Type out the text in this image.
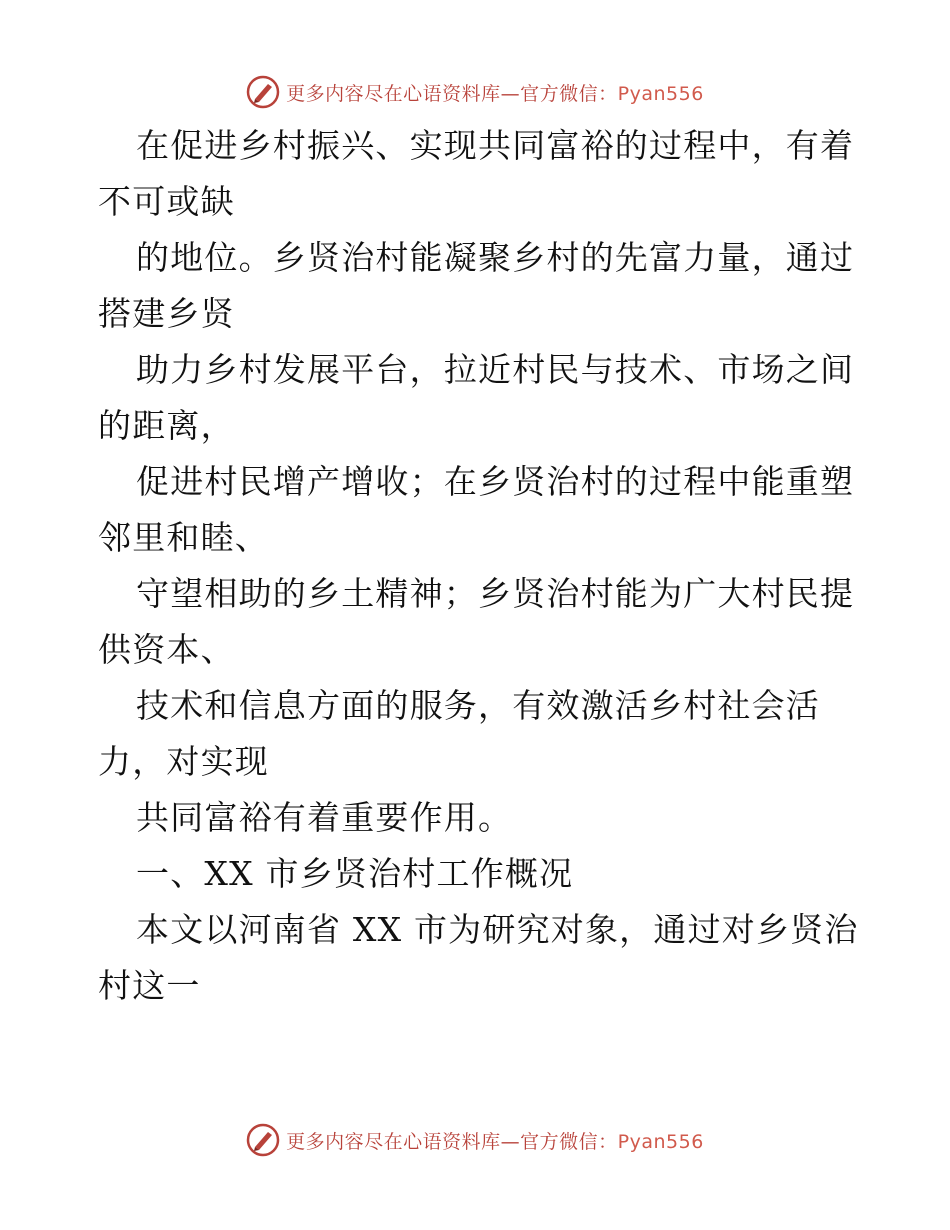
更多内容尽在心语资料库—官方微信：Pyan556

在促进乡村振兴、实现共同富裕的过程中，有着
不可或缺

的地位。乡贤治村能凝聚乡村的先富力量，通过
搭建乡贤

助力乡村发展平台，拉近村民与技术、市场之间
的距离，

促进村民增产增收；在乡贤治村的过程中能重塑
邻里和睦、

守望相助的乡土精神；乡贤治村能为广大村民提
供资本、

技术和信息方面的服务，有效激活乡村社会活
力，对实现

共同富裕有着重要作用。

一、XX 市乡贤治村工作概况

本文以河南省 XX 市为研究对象，通过对乡贤治
村这一

更多内容尽在心语资料库—官方微信：Pyan556
